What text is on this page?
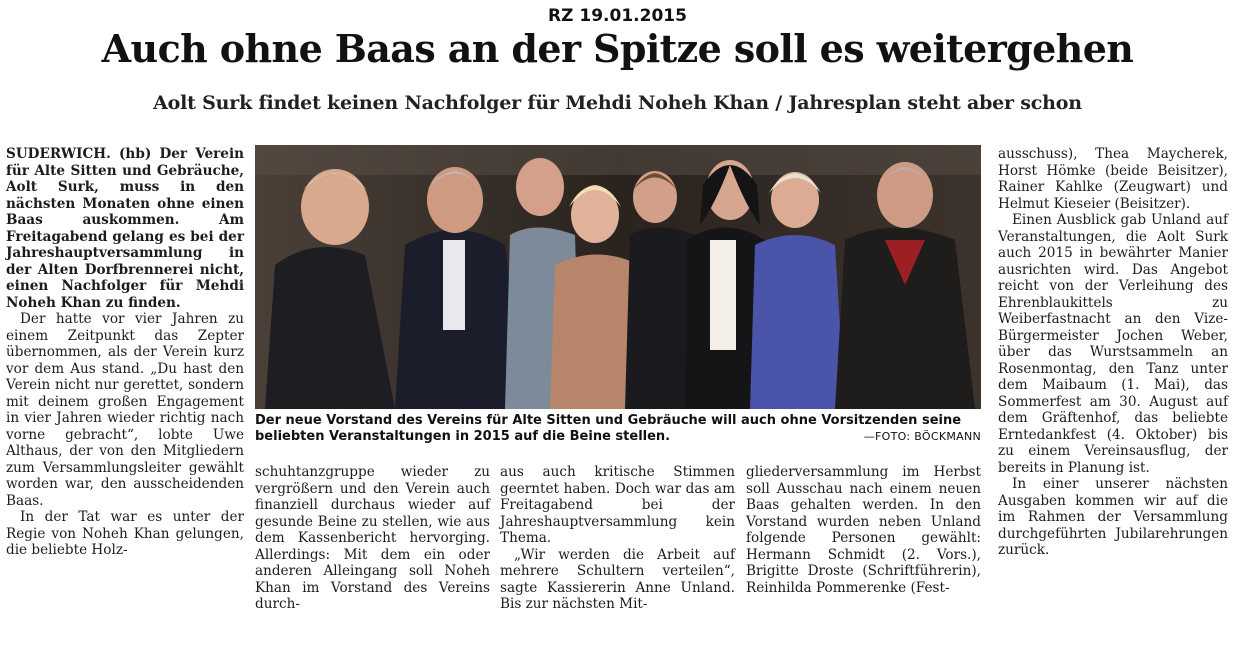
RZ 19.01.2015
Auch ohne Baas an der Spitze soll es weitergehen
Aolt Surk findet keinen Nachfolger für Mehdi Noheh Khan / Jahresplan steht aber schon

SUDERWICH. (hb) Der Verein für Alte Sitten und Gebräuche, Aolt Surk, muss in den nächsten Monaten ohne einen Baas auskommen. Am Freitagabend gelang es bei der Jahreshauptversammlung in der Alten Dorfbrennerei nicht, einen Nachfolger für Mehdi Noheh Khan zu finden.

Der hatte vor vier Jahren zu einem Zeitpunkt das Zepter übernommen, als der Verein kurz vor dem Aus stand. „Du hast den Verein nicht nur gerettet, sondern mit deinem großen Engagement in vier Jahren wieder richtig nach vorne gebracht“, lobte Uwe Althaus, der von den Mitgliedern zum Versammlungsleiter gewählt worden war, den ausscheidenden Baas.

In der Tat war es unter der Regie von Noheh Khan gelungen, die beliebte Holz-

Der neue Vorstand des Vereins für Alte Sitten und Gebräuche will auch ohne Vorsitzenden seine beliebten Veranstaltungen in 2015 auf die Beine stellen.	—FOTO: BÖCKMANN

schuhtanzgruppe wieder zu vergrößern und den Verein auch finanziell durchaus wieder auf gesunde Beine zu stellen, wie aus dem Kassenbericht hervorging. Allerdings: Mit dem ein oder anderen Alleingang soll Noheh Khan im Vorstand des Vereins durch-

aus auch kritische Stimmen geerntet haben. Doch war das am Freitagabend bei der Jahreshauptversammlung kein Thema.

„Wir werden die Arbeit auf mehrere Schultern verteilen“, sagte Kassiererin Anne Unland. Bis zur nächsten Mit-

gliederversammlung im Herbst soll Ausschau nach einem neuen Baas gehalten werden. In den Vorstand wurden neben Unland folgende Personen gewählt: Hermann Schmidt (2. Vors.), Brigitte Droste (Schriftführerin), Reinhilda Pommerenke (Fest-

ausschuss), Thea Maycherek, Horst Hömke (beide Beisitzer), Rainer Kahlke (Zeugwart) und Helmut Kieseier (Beisitzer).

Einen Ausblick gab Unland auf Veranstaltungen, die Aolt Surk auch 2015 in bewährter Manier ausrichten wird. Das Angebot reicht von der Verleihung des Ehrenblaukittels zu Weiberfastnacht an den Vize-Bürgermeister Jochen Weber, über das Wurstsammeln an Rosenmontag, den Tanz unter dem Maibaum (1. Mai), das Sommerfest am 30. August auf dem Gräftenhof, das beliebte Erntedankfest (4. Oktober) bis zu einem Vereinsausflug, der bereits in Planung ist.

In einer unserer nächsten Ausgaben kommen wir auf die im Rahmen der Versammlung durchgeführten Jubilarehrungen zurück.
